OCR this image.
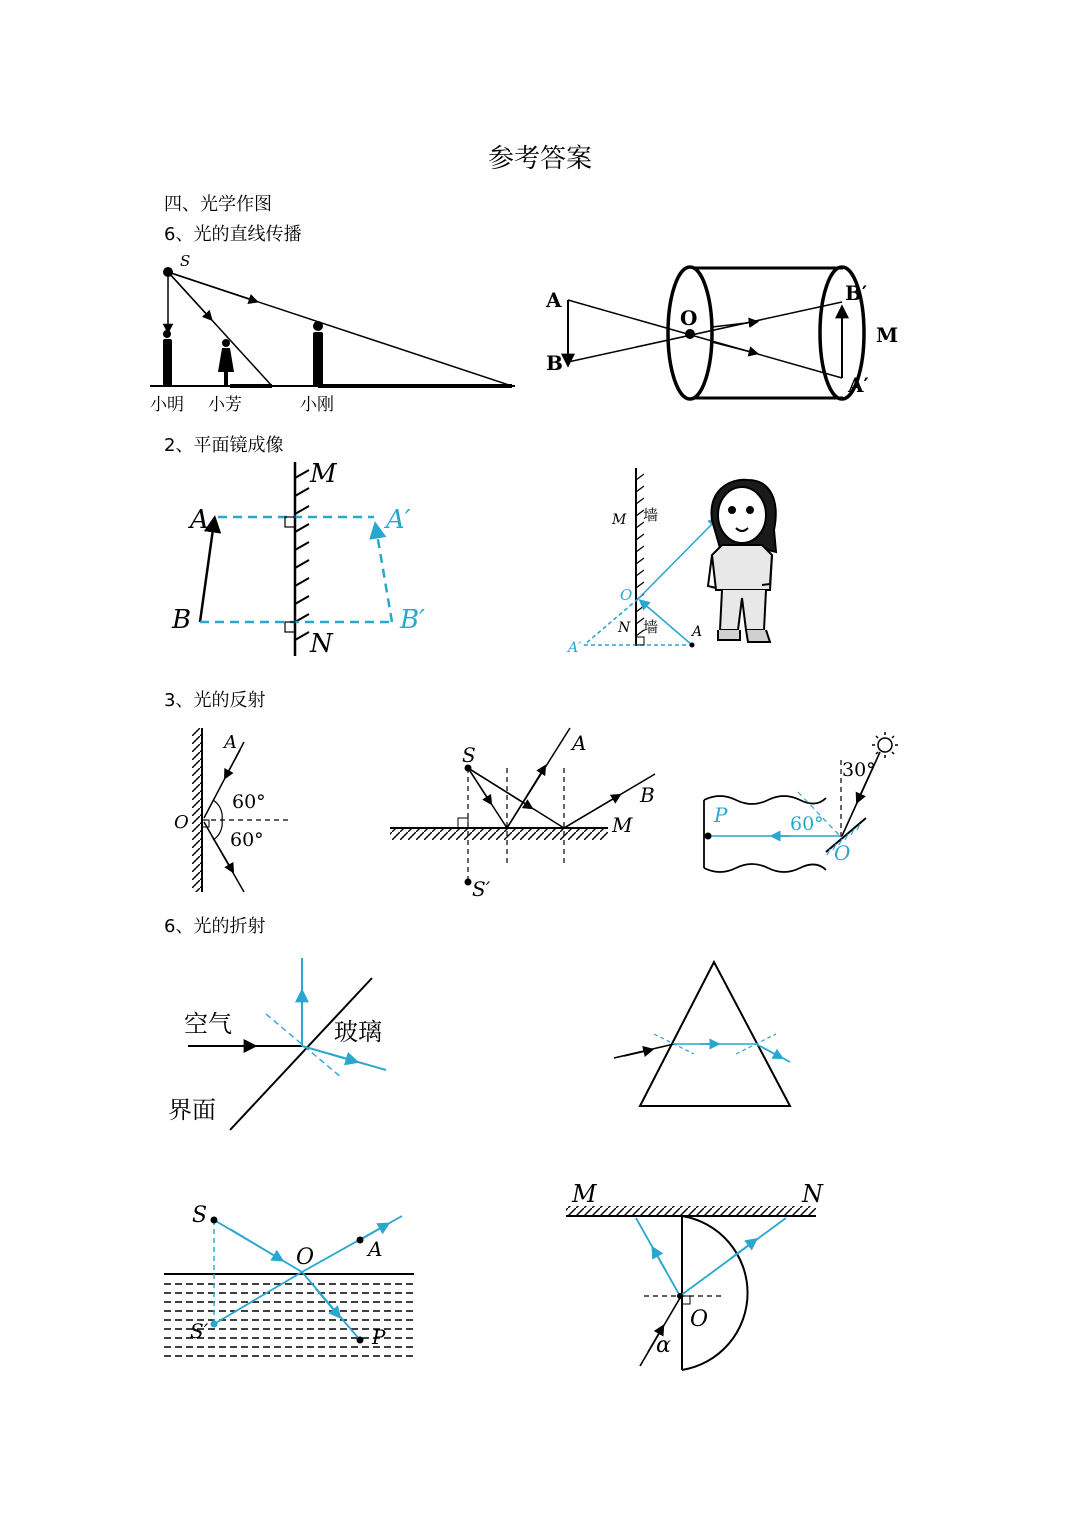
参考答案
四、光学作图
6、光的直线传播
2、平面镜成像
3、光的反射
6、光的折射
S
小明 小芳	小刚
A
B
O
B′
A′
M
M
N
A
B
A′
B′
M 墙
O
N 墙 A
A′
A
O
60°
60°
S	A
B
M
S′
P	60°
30°
O
空气	玻璃
界面
S
O	A
S′	P
M	N
O
α
